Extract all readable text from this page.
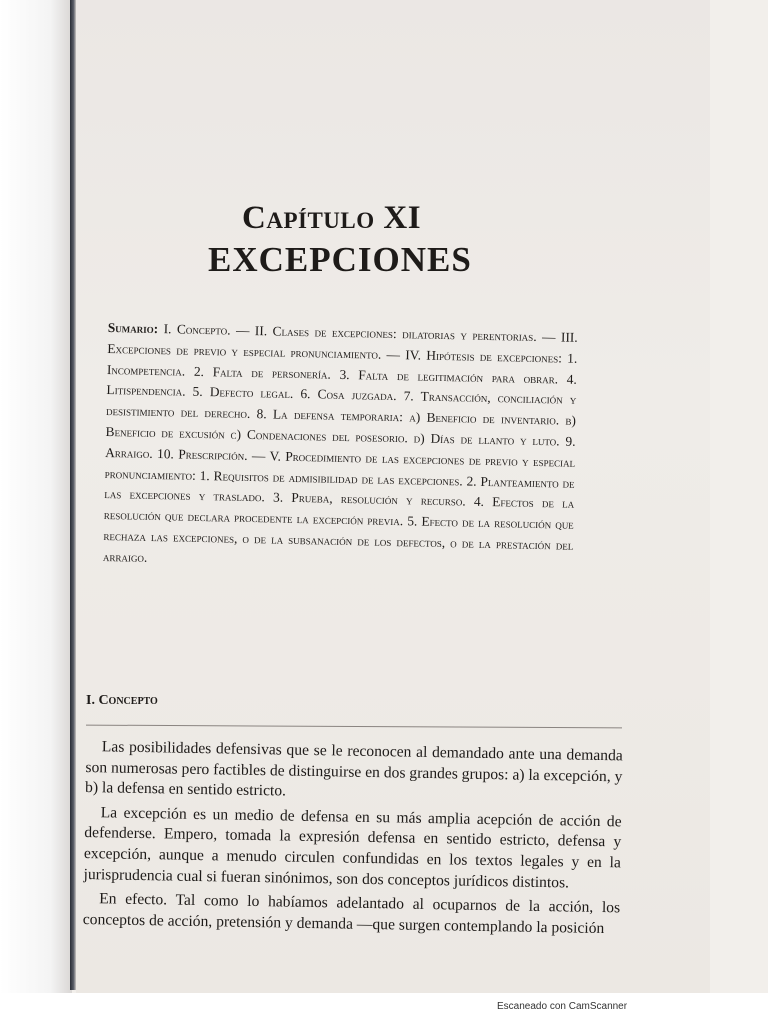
Capítulo XI
EXCEPCIONES
Sumario: I. Concepto. — II. Clases de excepciones: dilatorias y perentorias. — III. Excepciones de previo y especial pronunciamiento. — IV. Hipótesis de excepciones: 1. Incompetencia. 2. Falta de personería. 3. Falta de legitimación para obrar. 4. Litispendencia. 5. Defecto legal. 6. Cosa juzgada. 7. Transacción, conciliación y desistimiento del derecho. 8. La defensa temporaria: a) Beneficio de inventario. b) Beneficio de excusión c) Condenaciones del posesorio. d) Días de llanto y luto. 9. Arraigo. 10. Prescripción. — V. Procedimiento de las excepciones de previo y especial pronunciamiento: 1. Requisitos de admisibilidad de las excepciones. 2. Planteamiento de las excepciones y traslado. 3. Prueba, resolución y recurso. 4. Efectos de la resolución que declara procedente la excepción previa. 5. Efecto de la resolución que rechaza las excepciones, o de la subsanación de los defectos, o de la prestación del arraigo.
I. Concepto

Las posibilidades defensivas que se le reconocen al demandado ante una demanda son numerosas pero factibles de distinguirse en dos grandes grupos: a) la excepción, y b) la defensa en sentido estricto.

La excepción es un medio de defensa en su más amplia acepción de acción de defenderse. Empero, tomada la expresión defensa en sentido estricto, defensa y excepción, aunque a menudo circulen confundidas en los textos legales y en la jurisprudencia cual si fueran sinónimos, son dos conceptos jurídicos distintos.

En efecto. Tal como lo habíamos adelantado al ocuparnos de la acción, los conceptos de acción, pretensión y demanda —que surgen contemplando la posición

Escaneado con CamScanner
